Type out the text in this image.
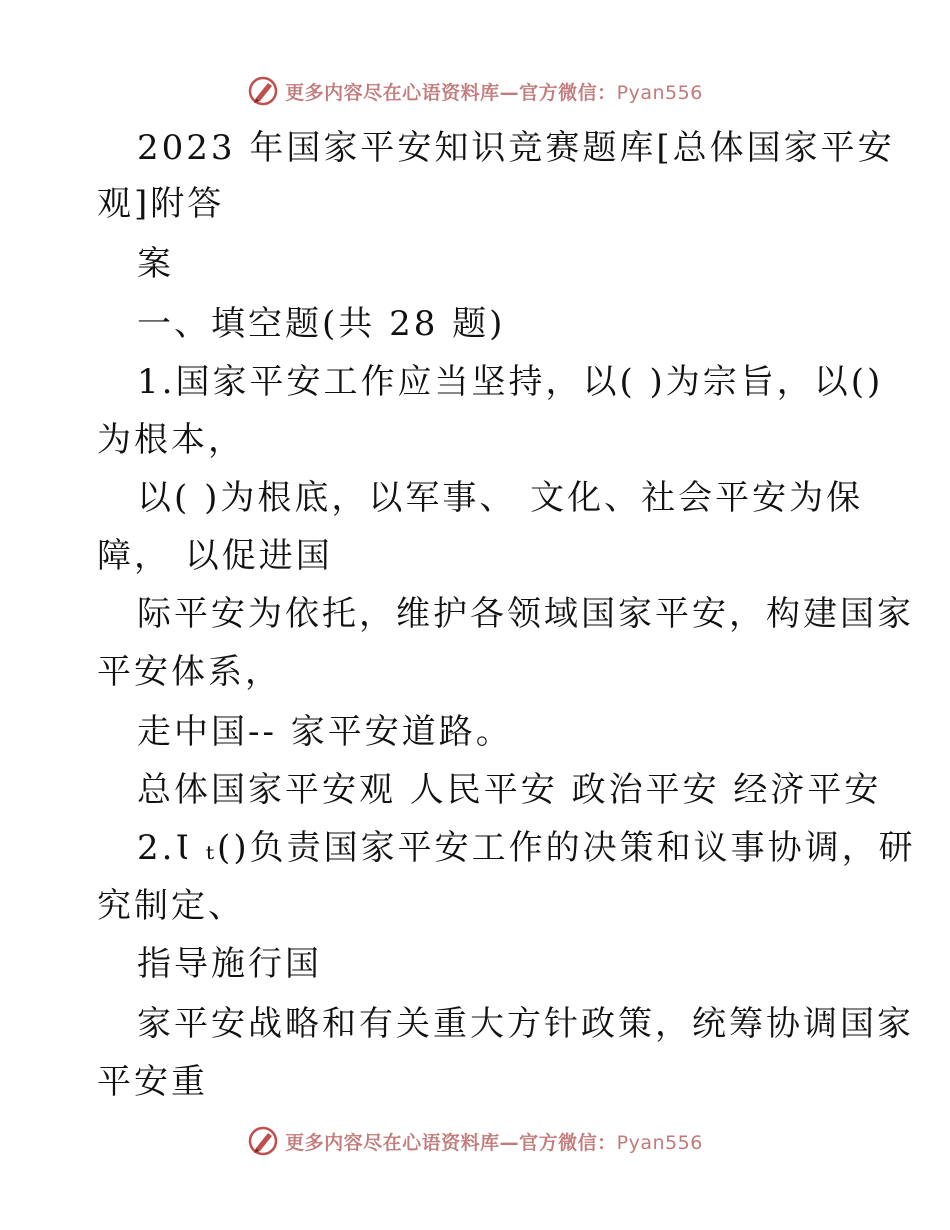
更多内容尽在心语资料库—官方微信：Pyan556
2023 年国家平安知识竞赛题库[总体国家平安
观]附答
案
一、填空题(共 28 题)
1.国家平安工作应当坚持，以( )为宗旨，以()
为根本，
以( )为根底，以军事、 文化、社会平安为保
障， 以促进国
际平安为依托，维护各领域国家平安，构建国家
平安体系，
走中国-- 家平安道路。
总体国家平安观 人民平安 政治平安 经济平安
2.Ɩ ₜ()负责国家平安工作的决策和议事协调，研
究制定、
指导施行国
家平安战略和有关重大方针政策，统筹协调国家
平安重
更多内容尽在心语资料库—官方微信：Pyan556
